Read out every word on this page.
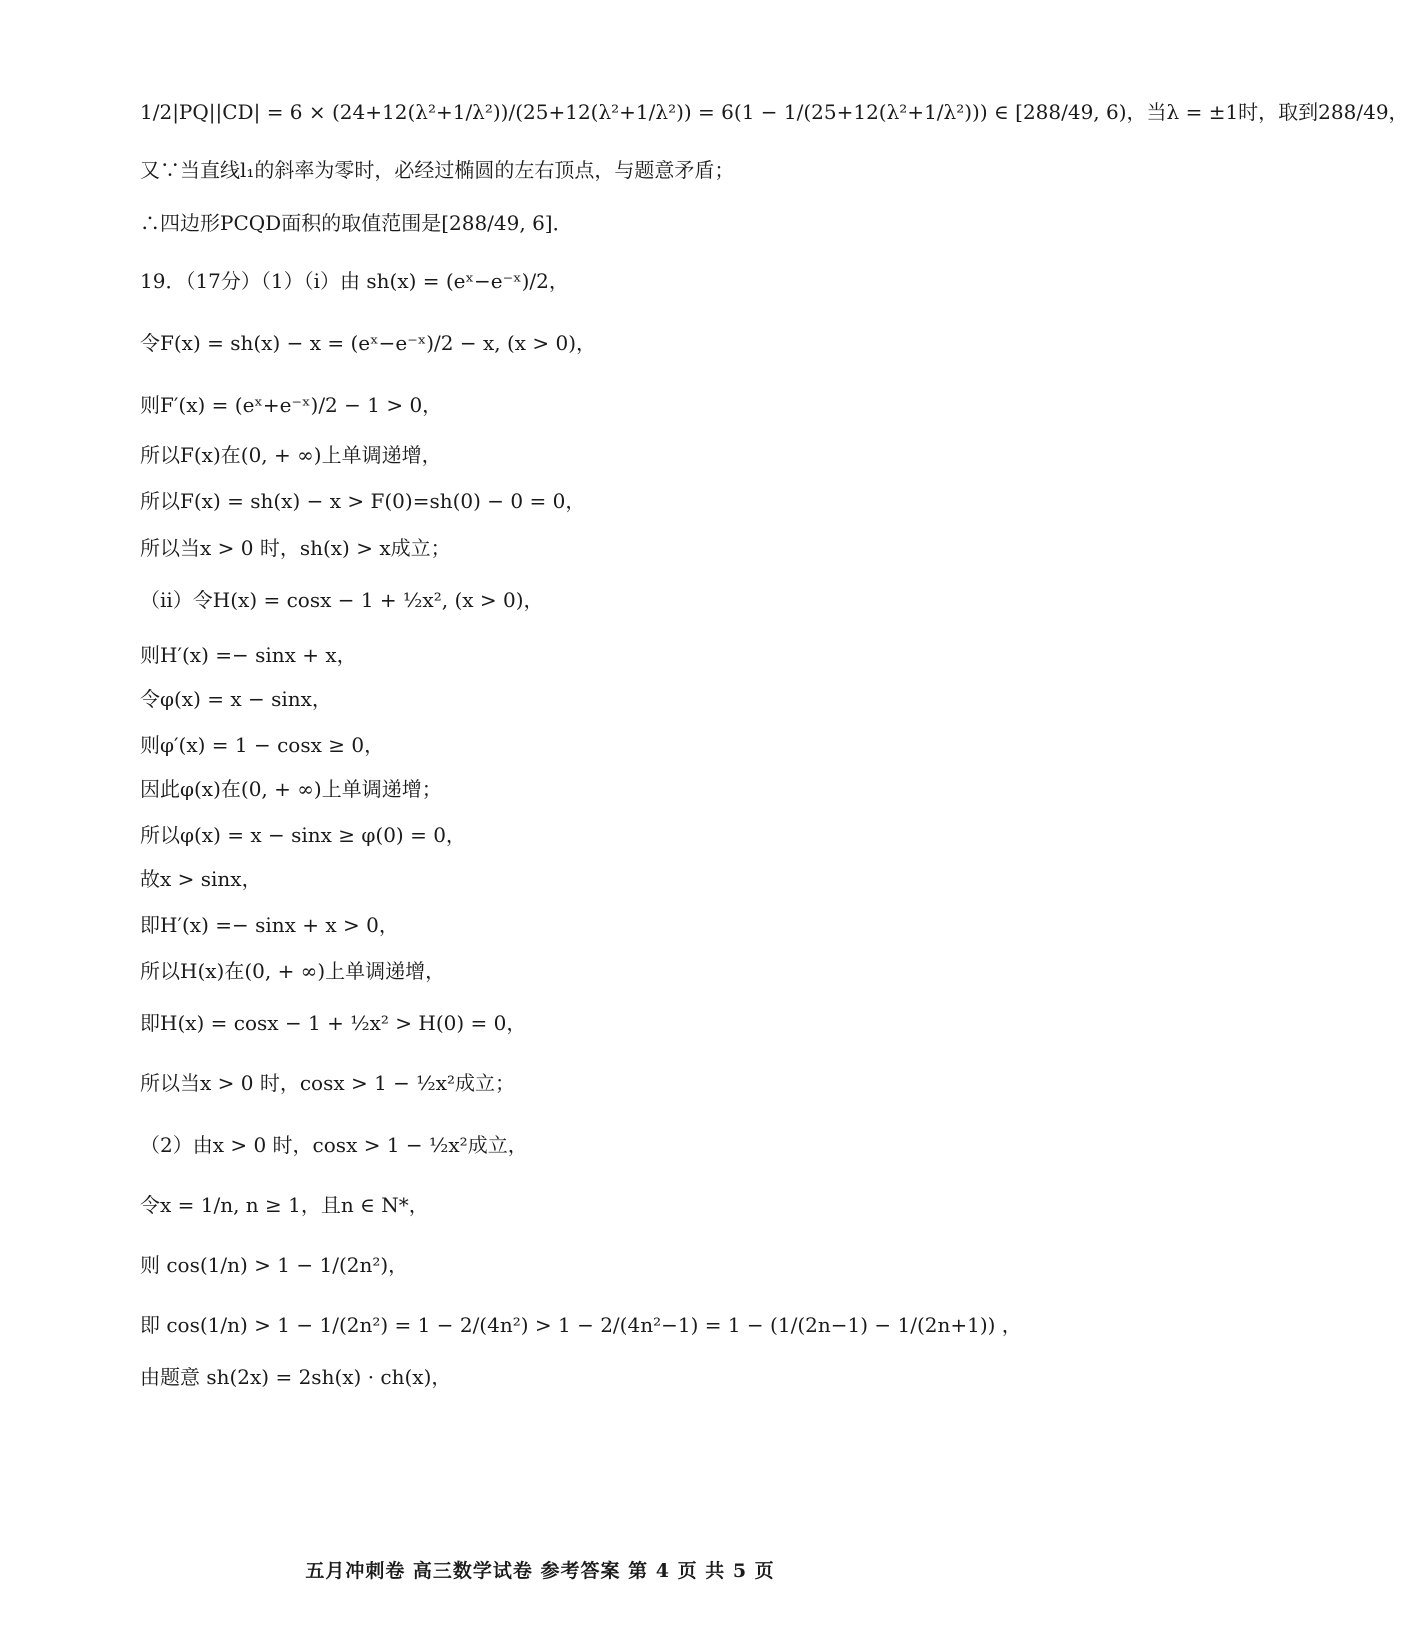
1/2|PQ||CD| = 6 × (24+12(λ²+1/λ²))/(25+12(λ²+1/λ²)) = 6(1 − 1/(25+12(λ²+1/λ²))) ∈ [288/49, 6)，当λ = ±1时，取到288/49，
又∵当直线l₁的斜率为零时，必经过椭圆的左右顶点，与题意矛盾；
∴四边形PCQD面积的取值范围是[288/49, 6]．
19．（17分）（1）（i）由 sh(x) = (eˣ−e⁻ˣ)/2，
令F(x) = sh(x) − x = (eˣ−e⁻ˣ)/2 − x, (x > 0)，
则F′(x) = (eˣ+e⁻ˣ)/2 − 1 > 0，
所以F(x)在(0, + ∞)上单调递增，
所以F(x) = sh(x) − x > F(0)=sh(0) − 0 = 0，
所以当x > 0 时，sh(x) > x成立；
（ii）令H(x) = cosx − 1 + ½x², (x > 0)，
则H′(x) =− sinx + x，
令φ(x) = x − sinx，
则φ′(x) = 1 − cosx ≥ 0，
因此φ(x)在(0, + ∞)上单调递增；
所以φ(x) = x − sinx ≥ φ(0) = 0，
故x > sinx，
即H′(x) =− sinx + x > 0，
所以H(x)在(0, + ∞)上单调递增，
即H(x) = cosx − 1 + ½x² > H(0) = 0，
所以当x > 0 时，cosx > 1 − ½x²成立；
（2）由x > 0 时，cosx > 1 − ½x²成立，
令x = 1/n, n ≥ 1，且n ∈ N*，
则 cos(1/n) > 1 − 1/(2n²)，
即 cos(1/n) > 1 − 1/(2n²) = 1 − 2/(4n²) > 1 − 2/(4n²−1) = 1 − (1/(2n−1) − 1/(2n+1)) ，
由题意 sh(2x) = 2sh(x) · ch(x)，
五月冲刺卷 高三数学试卷 参考答案 第 4 页 共 5 页
